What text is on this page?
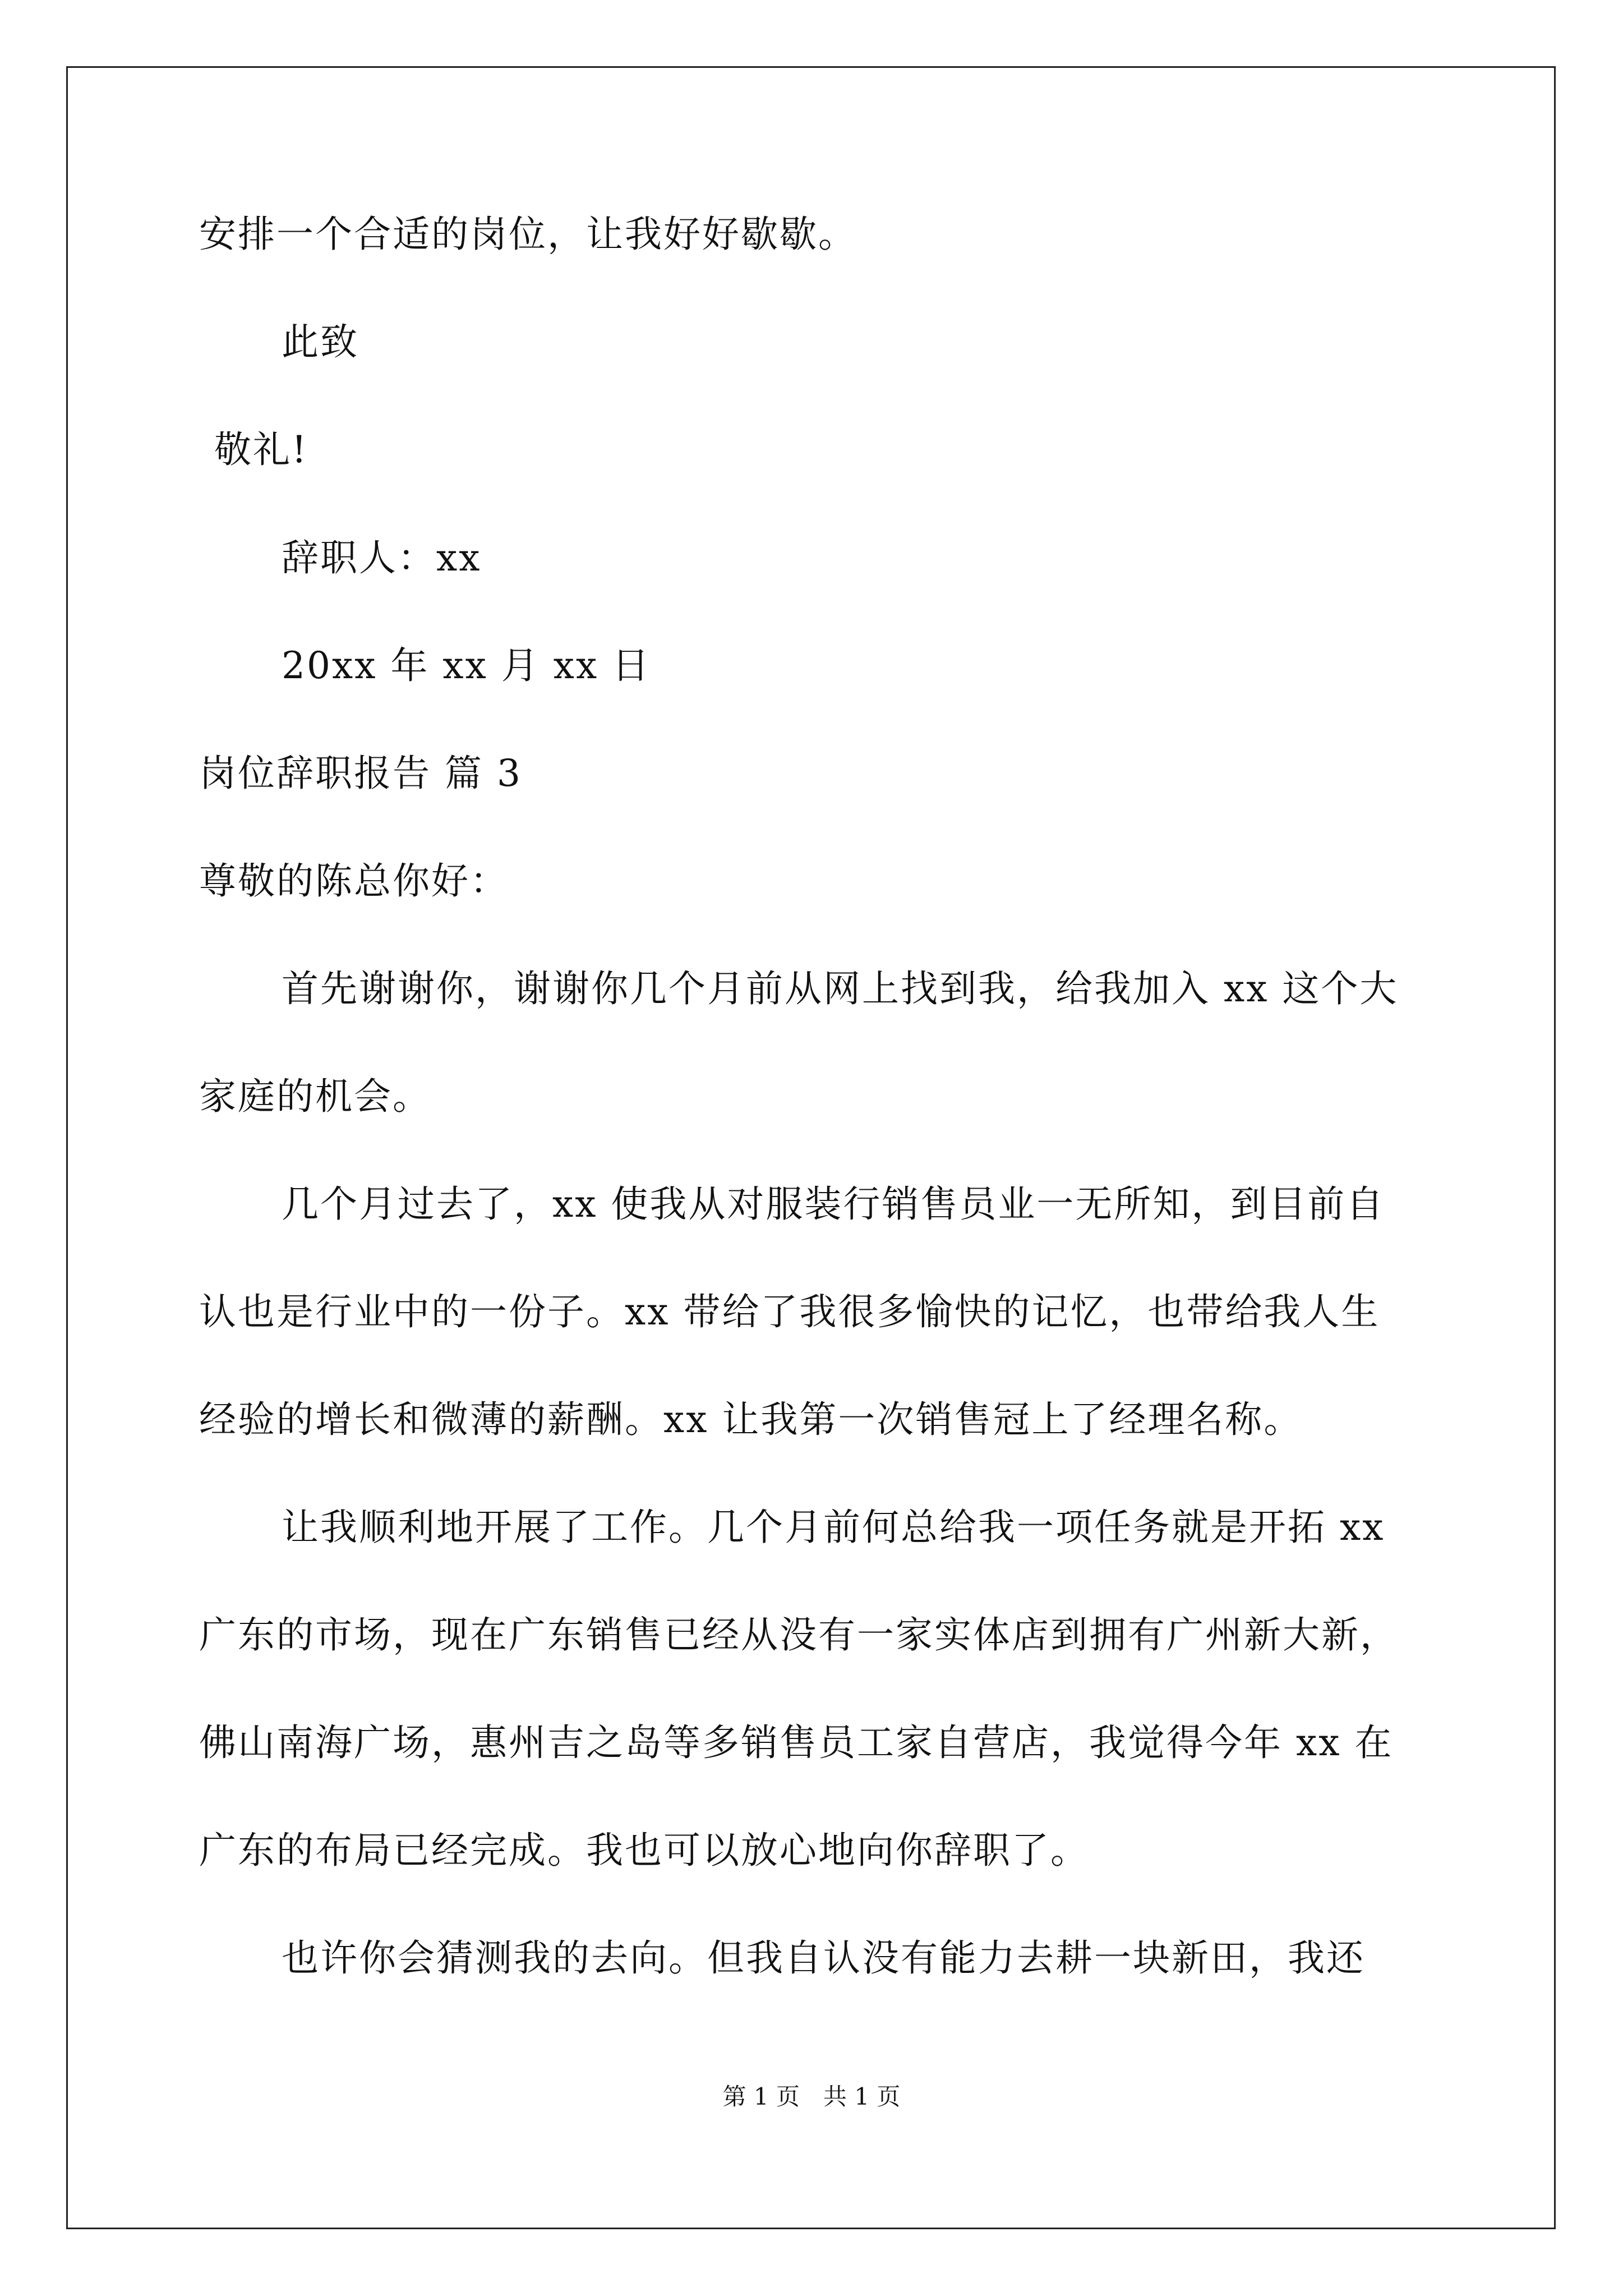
安排一个合适的岗位，让我好好歇歇。

此致

敬礼!

辞职人：xx

20xx 年 xx 月 xx 日

岗位辞职报告 篇 3

尊敬的陈总你好：

首先谢谢你，谢谢你几个月前从网上找到我，给我加入 xx 这个大

家庭的机会。

几个月过去了，xx 使我从对服装行销售员业一无所知，到目前自

认也是行业中的一份子。xx 带给了我很多愉快的记忆，也带给我人生

经验的增长和微薄的薪酬。xx 让我第一次销售冠上了经理名称。

让我顺利地开展了工作。几个月前何总给我一项任务就是开拓 xx

广东的市场，现在广东销售已经从没有一家实体店到拥有广州新大新，

佛山南海广场，惠州吉之岛等多销售员工家自营店，我觉得今年 xx 在

广东的布局已经完成。我也可以放心地向你辞职了。

也许你会猜测我的去向。但我自认没有能力去耕一块新田，我还

第 1 页　共 1 页
